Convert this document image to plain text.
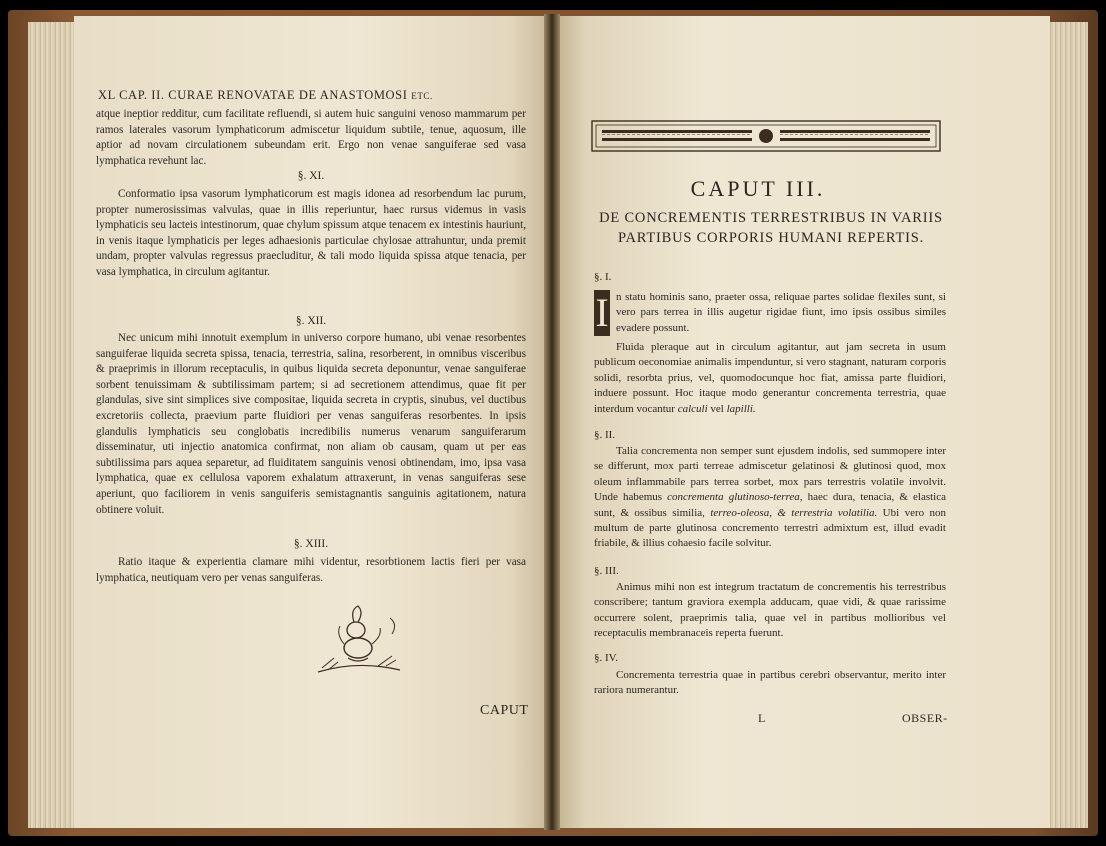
XL CAP. II. CURAE RENOVATAE DE ANASTOMOSI ETC.
atque ineptior redditur, cum facilitate refluendi, si autem huic sanguini venoso mammarum per ramos laterales vasorum lymphaticorum admiscetur liquidum subtile, tenue, aquosum, ille aptior ad novam circulationem subeundam erit. Ergo non venae sanguiferae sed vasa lymphatica revehunt lac.
§. XI.
Conformatio ipsa vasorum lymphaticorum est magis idonea ad resorbendum lac purum, propter numerosissimas valvulas, quae in illis reperiuntur, haec rursus videmus in vasis lymphaticis seu lacteis intestinorum, quae chylum spissum atque tenacem ex intestinis hauriunt, in venis itaque lymphaticis per leges adhaesionis particulae chylosae attrahuntur, unda premit undam, propter valvulas regressus praecluditur, & tali modo liquida spissa atque tenacia, per vasa lymphatica, in circulum agitantur.
§. XII.
Nec unicum mihi innotuit exemplum in universo corpore humano, ubi venae resorbentes sanguiferae liquida secreta spissa, tenacia, terrestria, salina, resorberent, in omnibus visceribus & praeprimis in illorum receptaculis, in quibus liquida secreta deponuntur, venae sanguiferae sorbent tenuissimam & subtilissimam partem; si ad secretionem attendimus, quae fit per glandulas, sive sint simplices sive compositae, liquida secreta in cryptis, sinubus, vel ductibus excretoriis collecta, praevium parte fluidiori per venas sanguiferas resorbentes. In ipsis glandulis lymphaticis seu conglobatis incredibilis numerus venarum sanguiferarum disseminatur, uti injectio anatomica confirmat, non aliam ob causam, quam ut per eas subtilissima pars aquea separetur, ad fluiditatem sanguinis venosi obtinendam, imo, ipsa vasa lymphatica, quae ex cellulosa vaporem exhalatum attraxerunt, in venas sanguiferas sese aperiunt, quo faciliorem in venis sanguiferis semistagnantis sanguinis agitationem, natura obtinere voluit.
§. XIII.
Ratio itaque & experientia clamare mihi videntur, resorbtionem lactis fieri per vasa lymphatica, neutiquam vero per venas sanguiferas.
CAPUT
CAPUT III.
DE CONCREMENTIS TERRESTRIBUS IN VARIIS PARTIBUS CORPORIS HUMANI REPERTIS.
§. I.
I n statu hominis sano, praeter ossa, reliquae partes solidae flexiles sunt, si vero pars terrea in illis augetur rigidae fiunt, imo ipsis ossibus similes evadere possunt.
Fluida pleraque aut in circulum agitantur, aut jam secreta in usum publicum oeconomiae animalis impenduntur, si vero stagnant, naturam corporis solidi, resorbta prius, vel, quomodocunque hoc fiat, amissa parte fluidiori, induere possunt. Hoc itaque modo generantur concrementa terrestria, quae interdum vocantur calculi vel lapilli.
§. II.
Talia concrementa non semper sunt ejusdem indolis, sed summopere inter se differunt, mox parti terreae admiscetur gelatinosi & glutinosi quod, mox oleum inflammabile pars terrea sorbet, mox pars terrestris volatile involvit. Unde habemus concrementa glutinoso-terrea, haec dura, tenacia, & elastica sunt, & ossibus similia, terreo-oleosa, & terrestria volatilia. Ubi vero non multum de parte glutinosa concremento terrestri admixtum est, illud evadit friabile, & illius cohaesio facile solvitur.
§. III.
Animus mihi non est integrum tractatum de concrementis his terrestribus conscribere; tantum graviora exempla adducam, quae vidi, & quae rarissime occurrere solent, praeprimis talia, quae vel in partibus mollioribus vel receptaculis membranaceis reperta fuerunt.
§. IV.
Concrementa terrestria quae in partibus cerebri observantur, merito inter rariora numerantur.
L	OBSER-
